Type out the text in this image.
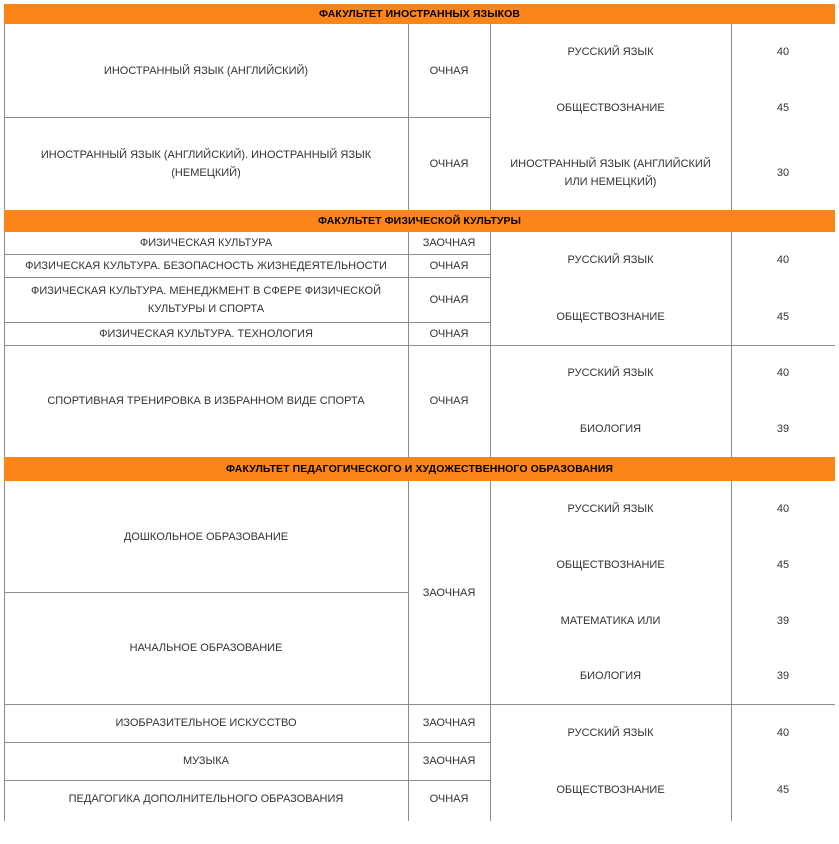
ФАКУЛЬТЕТ ИНОСТРАННЫХ ЯЗЫКОВ
ИНОСТРАННЫЙ ЯЗЫК (АНГЛИЙСКИЙ)
ИНОСТРАННЫЙ ЯЗЫК (АНГЛИЙСКИЙ). ИНОСТРАННЫЙ ЯЗЫК (НЕМЕЦКИЙ)
ОЧНАЯ
ОЧНАЯ
РУССКИЙ ЯЗЫК
ОБЩЕСТВОЗНАНИЕ
ИНОСТРАННЫЙ ЯЗЫК (АНГЛИЙСКИЙ ИЛИ НЕМЕЦКИЙ)
40
45
30
ФАКУЛЬТЕТ ФИЗИЧЕСКОЙ КУЛЬТУРЫ
ФИЗИЧЕСКАЯ КУЛЬТУРА
ФИЗИЧЕСКАЯ КУЛЬТУРА. БЕЗОПАСНОСТЬ ЖИЗНЕДЕЯТЕЛЬНОСТИ
ФИЗИЧЕСКАЯ КУЛЬТУРА. МЕНЕДЖМЕНТ В СФЕРЕ ФИЗИЧЕСКОЙ КУЛЬТУРЫ И СПОРТА
ФИЗИЧЕСКАЯ КУЛЬТУРА. ТЕХНОЛОГИЯ
ЗАОЧНАЯ
ОЧНАЯ
ОЧНАЯ
ОЧНАЯ
РУССКИЙ ЯЗЫК
ОБЩЕСТВОЗНАНИЕ
40
45
СПОРТИВНАЯ ТРЕНИРОВКА В ИЗБРАННОМ ВИДЕ СПОРТА	ОЧНАЯ
РУССКИЙ ЯЗЫК
БИОЛОГИЯ
40
39
ФАКУЛЬТЕТ ПЕДАГОГИЧЕСКОГО И ХУДОЖЕСТВЕННОГО ОБРАЗОВАНИЯ
ДОШКОЛЬНОЕ ОБРАЗОВАНИЕ
НАЧАЛЬНОЕ ОБРАЗОВАНИЕ
ЗАОЧНАЯ
РУССКИЙ ЯЗЫК
ОБЩЕСТВОЗНАНИЕ
МАТЕМАТИКА ИЛИ
БИОЛОГИЯ
40
45
39
39
ИЗОБРАЗИТЕЛЬНОЕ ИСКУССТВО
МУЗЫКА
ПЕДАГОГИКА ДОПОЛНИТЕЛЬНОГО ОБРАЗОВАНИЯ
ЗАОЧНАЯ
ЗАОЧНАЯ
ОЧНАЯ
РУССКИЙ ЯЗЫК
ОБЩЕСТВОЗНАНИЕ
40
45
